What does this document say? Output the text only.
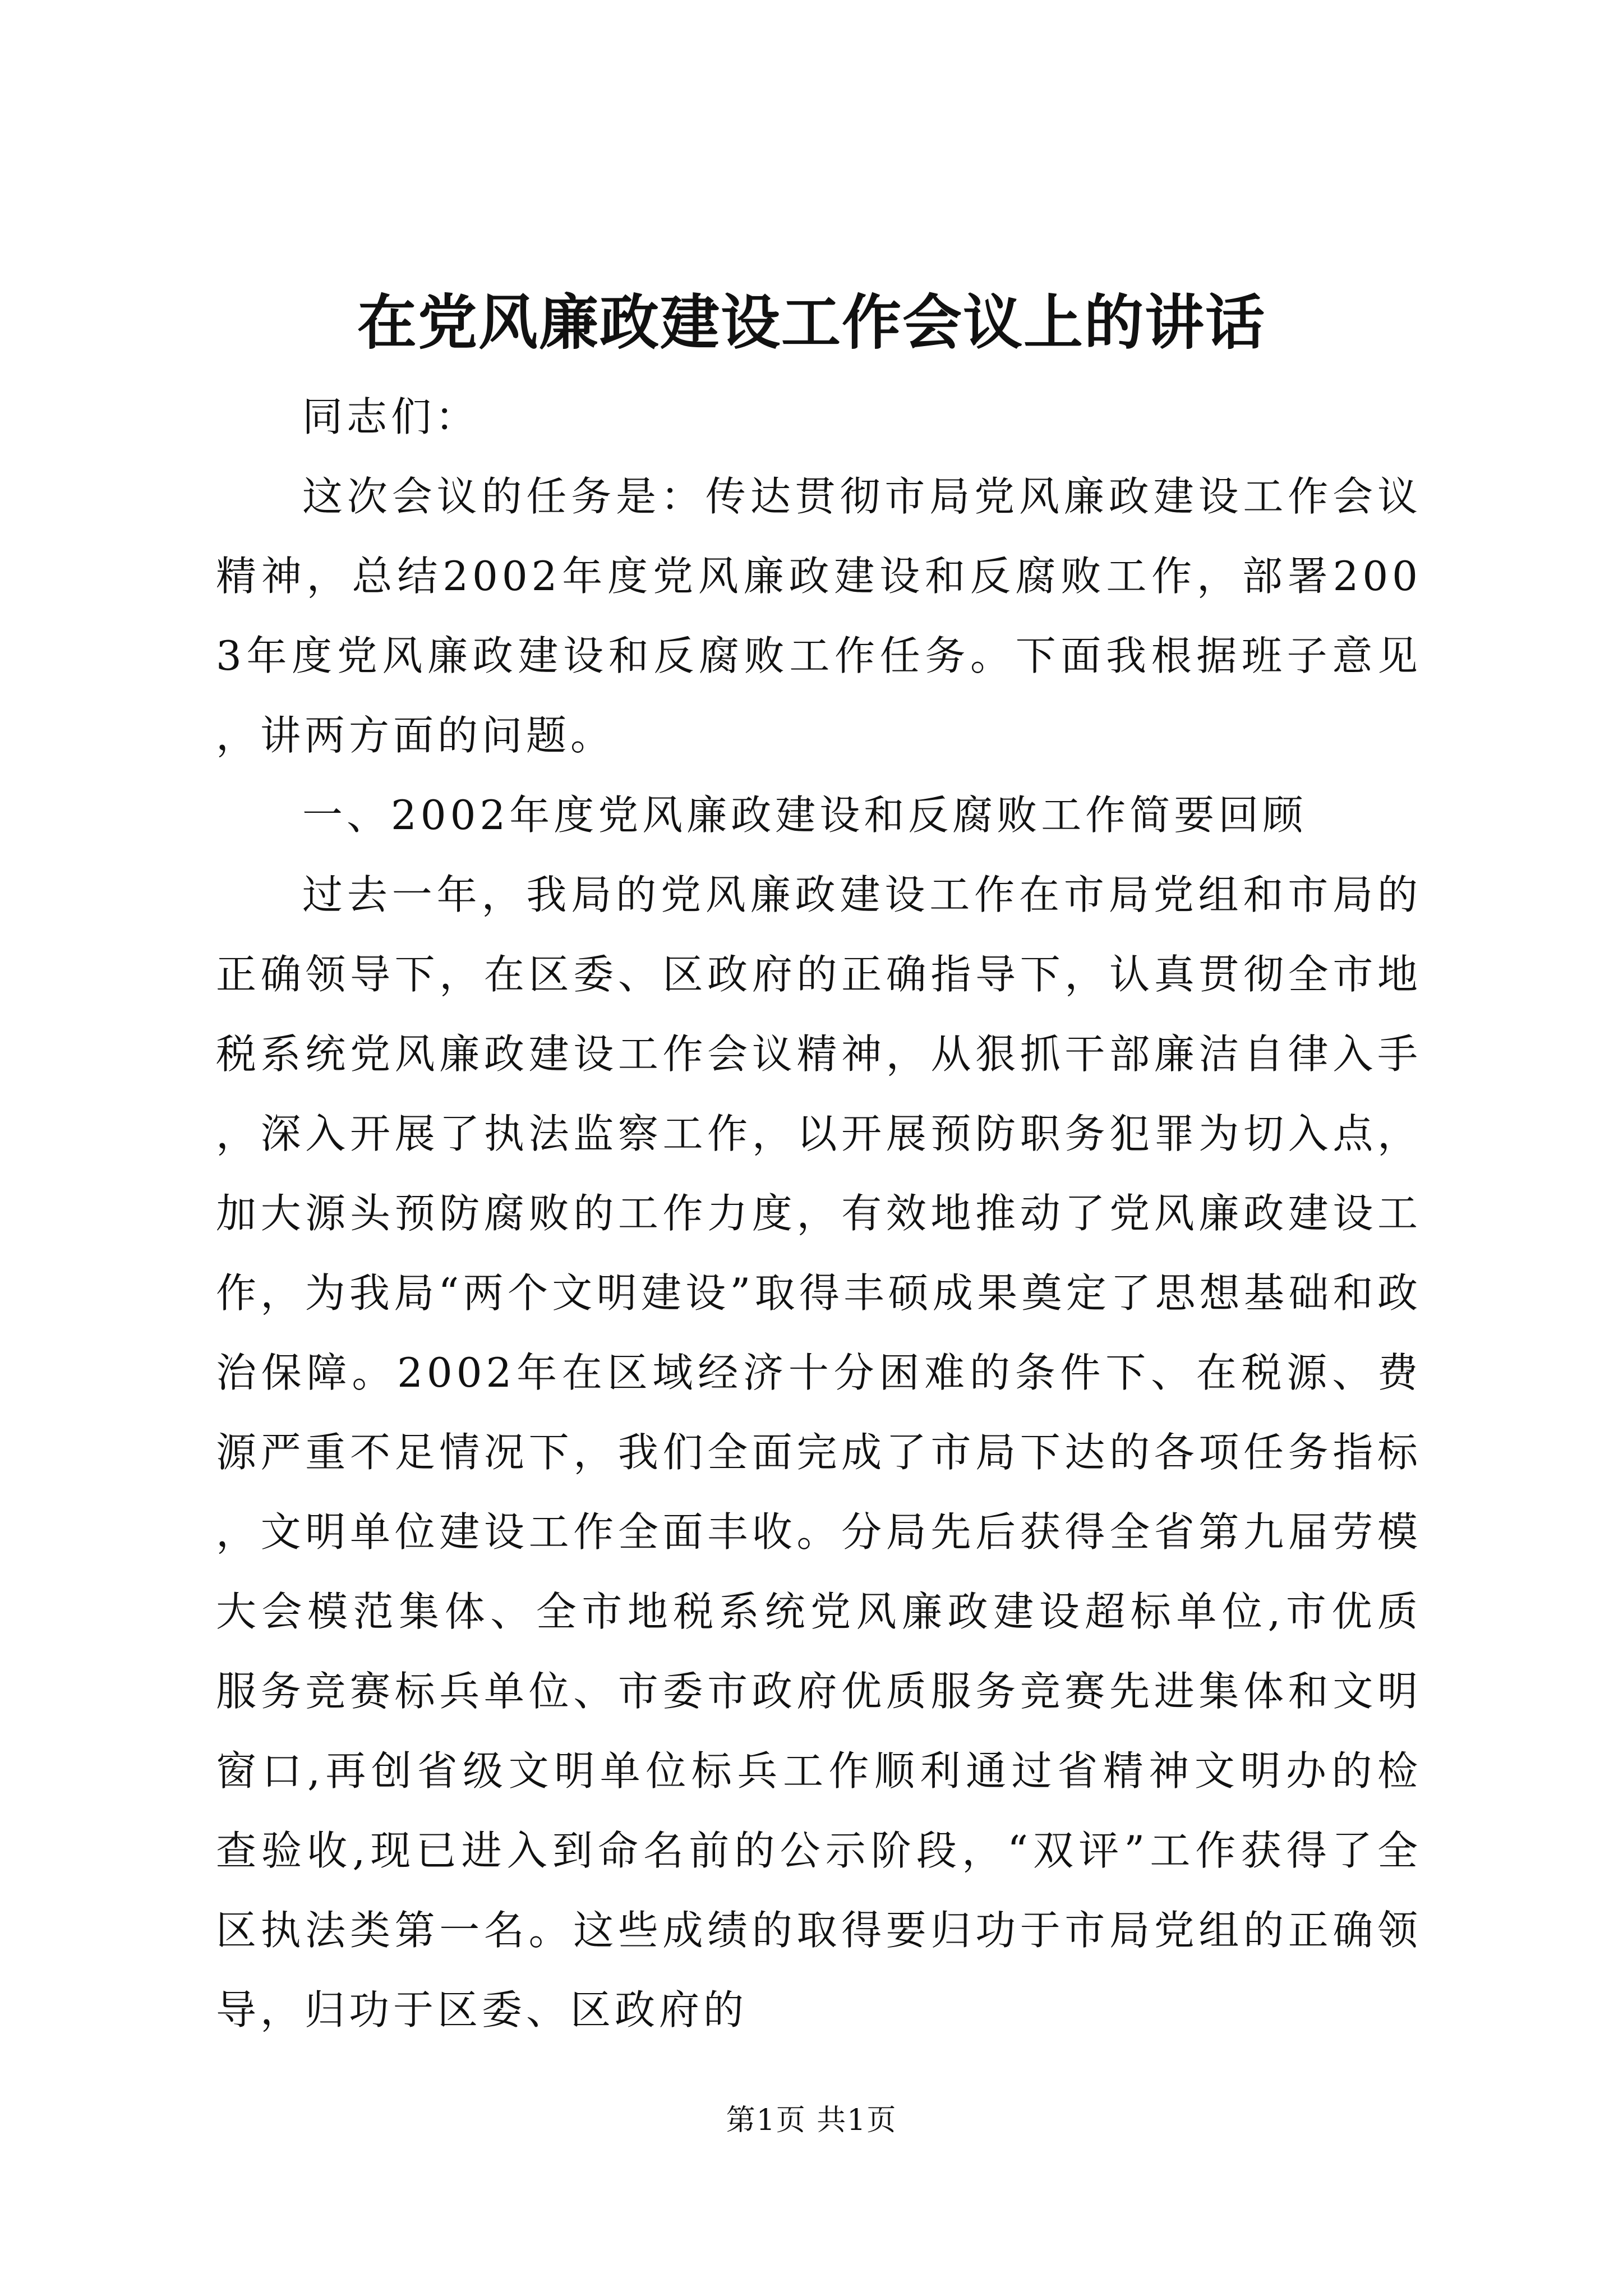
在党风廉政建设工作会议上的讲话

同志们：

这次会议的任务是：传达贯彻市局党风廉政建设工作会议精神，总结2002年度党风廉政建设和反腐败工作，部署2003年度党风廉政建设和反腐败工作任务。下面我根据班子意见，讲两方面的问题。

一、2002年度党风廉政建设和反腐败工作简要回顾

过去一年，我局的党风廉政建设工作在市局党组和市局的正确领导下，在区委、区政府的正确指导下，认真贯彻全市地税系统党风廉政建设工作会议精神，从狠抓干部廉洁自律入手，深入开展了执法监察工作，以开展预防职务犯罪为切入点，加大源头预防腐败的工作力度，有效地推动了党风廉政建设工作，为我局“两个文明建设”取得丰硕成果奠定了思想基础和政治保障。2002年在区域经济十分困难的条件下、在税源、费源严重不足情况下，我们全面完成了市局下达的各项任务指标，文明单位建设工作全面丰收。分局先后获得全省第九届劳模大会模范集体、全市地税系统党风廉政建设超标单位,市优质服务竞赛标兵单位、市委市政府优质服务竞赛先进集体和文明窗口,再创省级文明单位标兵工作顺利通过省精神文明办的检查验收,现已进入到命名前的公示阶段，“双评”工作获得了全区执法类第一名。这些成绩的取得要归功于市局党组的正确领导，归功于区委、区政府的

第1页 共1页
